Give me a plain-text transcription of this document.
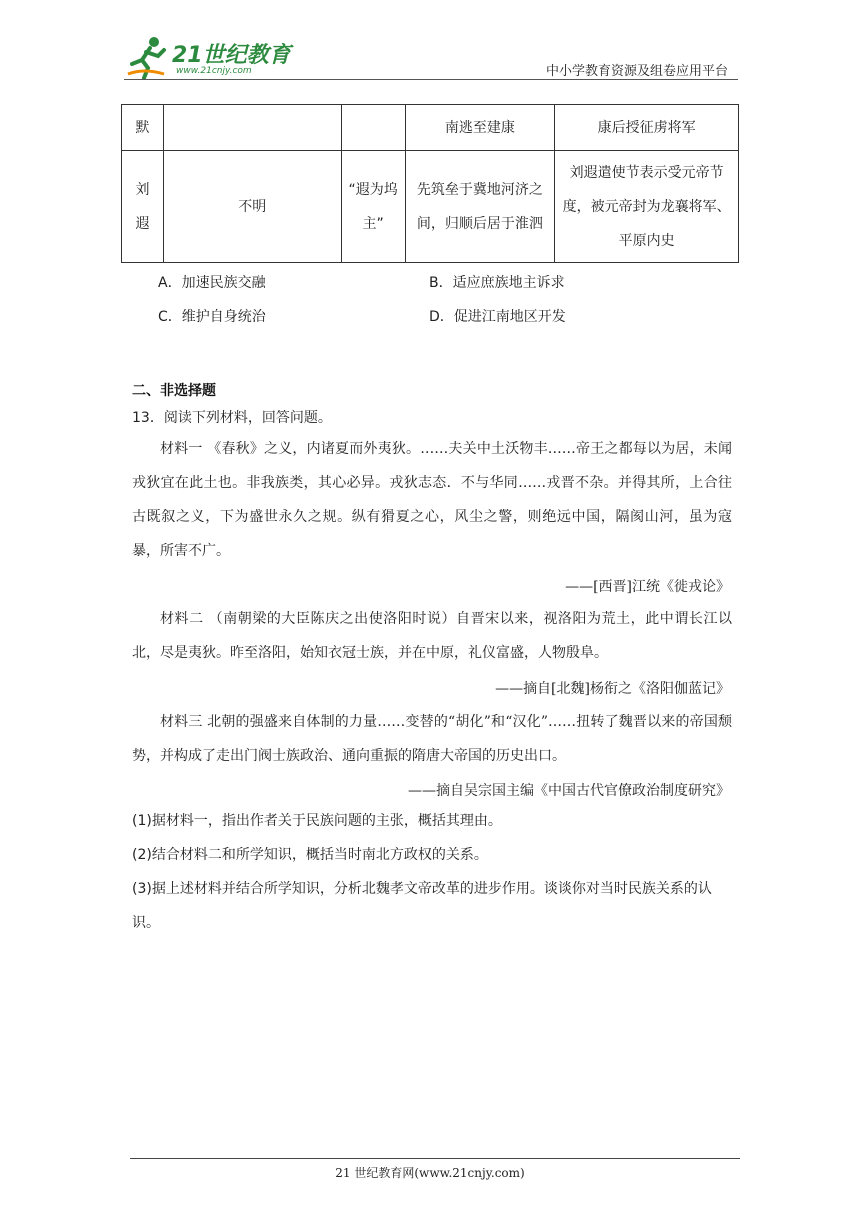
21世纪教育
www.21cnjy.com	中小学教育资源及组卷应用平台
默			南逃至建康	康后授征虏将军
刘遐	不明	“遐为坞主”	先筑垒于冀地河济之间，归顺后居于淮泗	刘遐遣使节表示受元帝节度，被元帝封为龙襄将军、平原内史
A．加速民族交融	B．适应庶族地主诉求
C．维护自身统治	D．促进江南地区开发
二、非选择题
13．阅读下列材料，回答问题。

材料一 《春秋》之义，内诸夏而外夷狄。……夫关中土沃物丰……帝王之都每以为居，未闻戎狄宜在此土也。非我族类，其心必异。戎狄志态．不与华同……戎晋不杂。并得其所，上合往古既叙之义，下为盛世永久之规。纵有猾夏之心，风尘之警，则绝远中国，隔阂山河，虽为寇暴，所害不广。

——[西晋]江统《徙戎论》

材料二 （南朝梁的大臣陈庆之出使洛阳时说）自晋宋以来，视洛阳为荒土，此中谓长江以北，尽是夷狄。昨至洛阳，始知衣冠士族，并在中原，礼仪富盛，人物殷阜。

——摘自[北魏]杨衔之《洛阳伽蓝记》

材料三 北朝的强盛来自体制的力量……变替的“胡化”和“汉化”……扭转了魏晋以来的帝国颓势，并构成了走出门阀士族政治、通向重振的隋唐大帝国的历史出口。

——摘自吴宗国主编《中国古代官僚政治制度研究》

(1)据材料一，指出作者关于民族问题的主张，概括其理由。

(2)结合材料二和所学知识，概括当时南北方政权的关系。

(3)据上述材料并结合所学知识，分析北魏孝文帝改革的进步作用。谈谈你对当时民族关系的认识。

21 世纪教育网(www.21cnjy.com)
